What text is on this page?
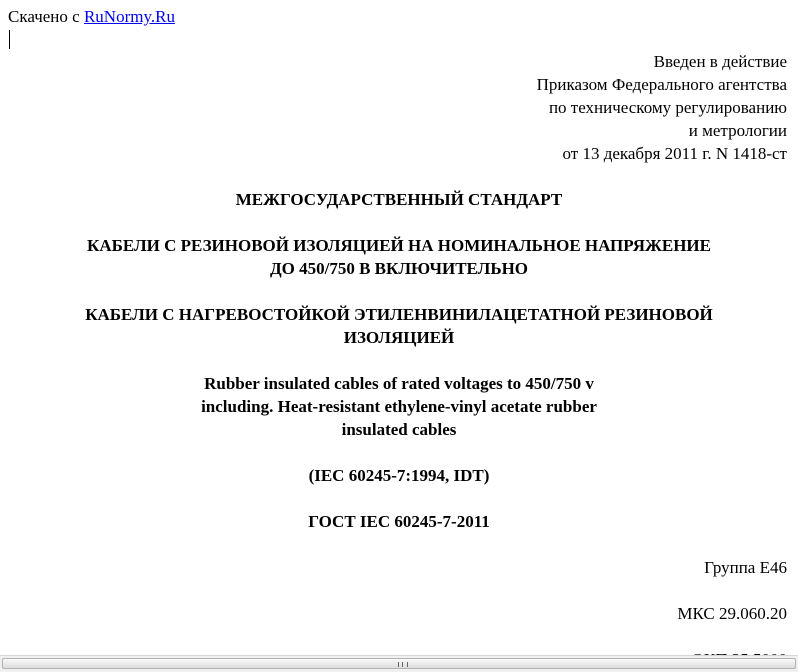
Скачено с RuNormy.Ru
Введен в действие
Приказом Федерального агентства
по техническому регулированию
и метрологии
от 13 декабря 2011 г. N 1418-ст
МЕЖГОСУДАРСТВЕННЫЙ СТАНДАРТ
КАБЕЛИ С РЕЗИНОВОЙ ИЗОЛЯЦИЕЙ НА НОМИНАЛЬНОЕ НАПРЯЖЕНИЕ
ДО 450/750 В ВКЛЮЧИТЕЛЬНО
КАБЕЛИ С НАГРЕВОСТОЙКОЙ ЭТИЛЕНВИНИЛАЦЕТАТНОЙ РЕЗИНОВОЙ
ИЗОЛЯЦИЕЙ
Rubber insulated cables of rated voltages to 450/750 v
including. Heat-resistant ethylene-vinyl acetate rubber
insulated cables
(IEC 60245-7:1994, IDT)
ГОСТ IEC 60245-7-2011
Группа Е46
МКС 29.060.20
